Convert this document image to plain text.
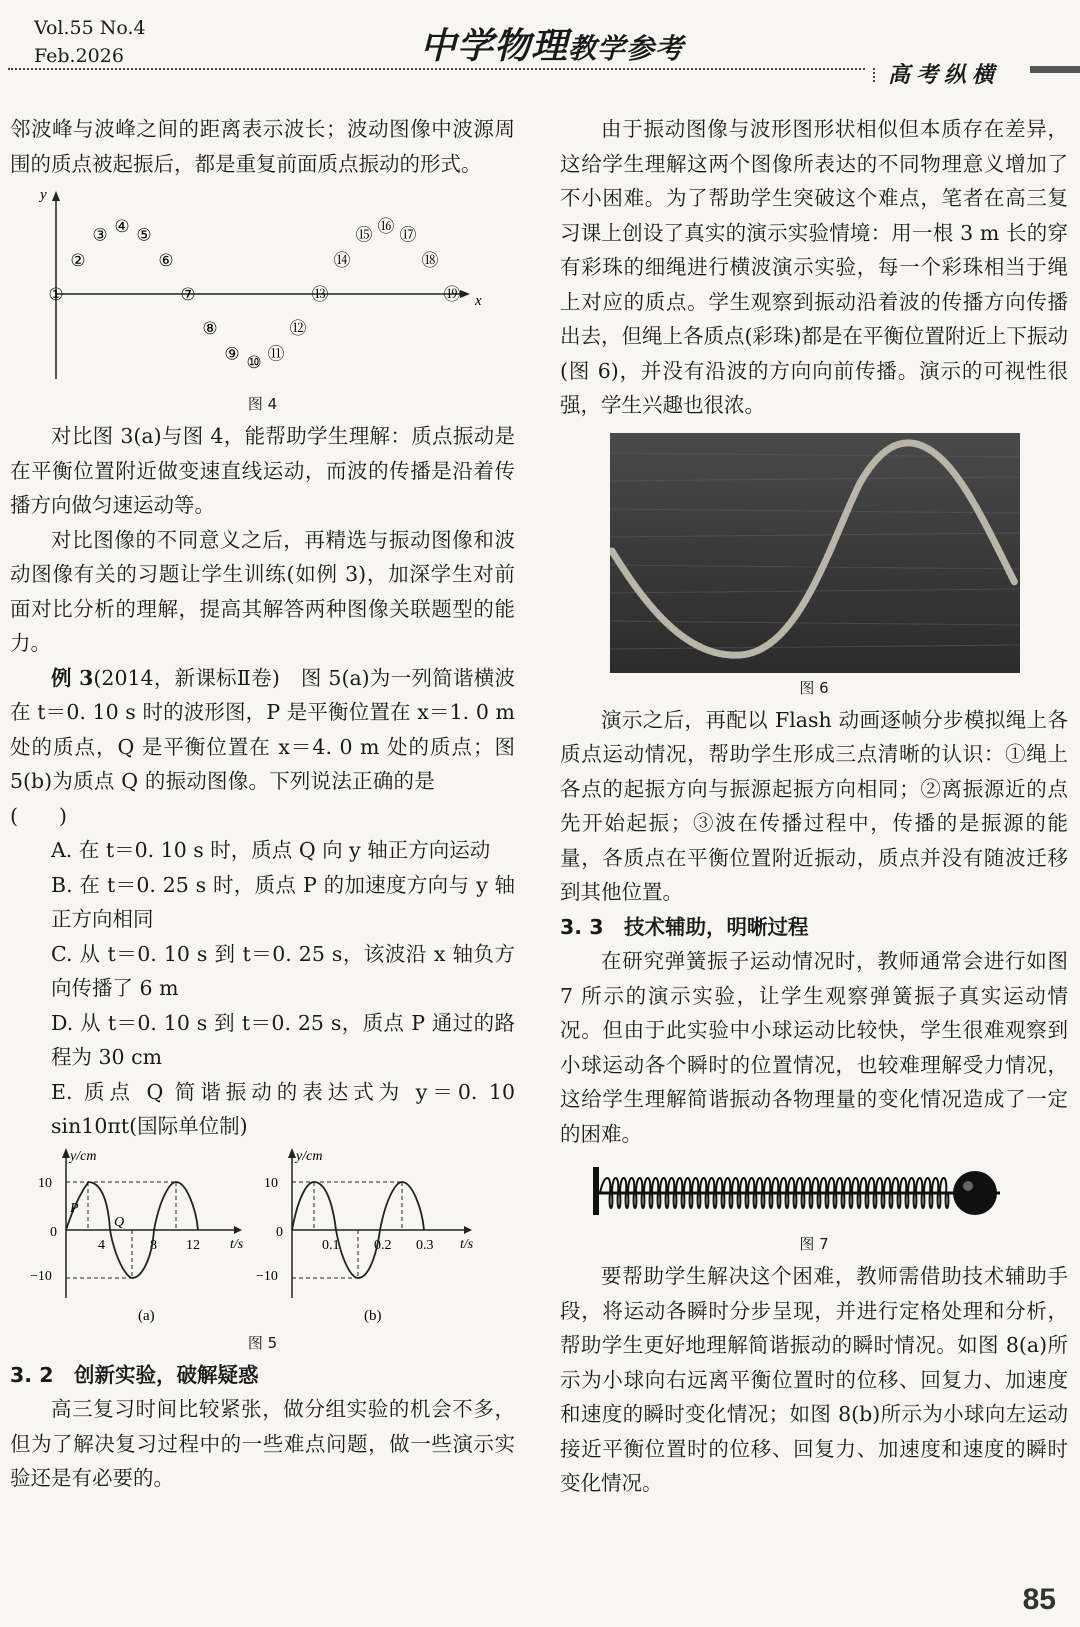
Vol.55 No.4
Feb.2026	中学物理教学参考
高考纵横

邻波峰与波峰之间的距离表示波长；波动图像中波源周围的质点被起振后，都是重复前面质点振动的形式。

y
x
①
②
③ ④ ⑤
⑥
⑦
⑧
⑨ ⑩ ⑪
⑫
⑬
⑭
⑮ ⑯ ⑰
⑱
⑲
图 4

对比图 3(a)与图 4，能帮助学生理解：质点振动是在平衡位置附近做变速直线运动，而波的传播是沿着传播方向做匀速运动等。

对比图像的不同意义之后，再精选与振动图像和波动图像有关的习题让学生训练(如例 3)，加深学生对前面对比分析的理解，提高其解答两种图像关联题型的能力。

例 3(2014，新课标Ⅱ卷)　图 5(a)为一列简谐横波在 t＝0. 10 s 时的波形图，P 是平衡位置在 x＝1. 0 m 处的质点，Q 是平衡位置在 x＝4. 0 m 处的质点；图 5(b)为质点 Q 的振动图像。下列说法正确的是(　　)

A. 在 t＝0. 10 s 时，质点 Q 向 y 轴正方向运动

B. 在 t＝0. 25 s 时，质点 P 的加速度方向与 y 轴正方向相同

C. 从 t＝0. 10 s 到 t＝0. 25 s，该波沿 x 轴负方向传播了 6 m

D. 从 t＝0. 10 s 到 t＝0. 25 s，质点 P 通过的路程为 30 cm

E. 质点 Q 简谐振动的表达式为 y＝0. 10 sin10πt(国际单位制)

y/cm
t/s
10
0
−10
4	8 12
P
Q
(a)
y/cm
t/s
10
0
−10
0.1 0.2 0.3
(b)
图 5

3. 2　创新实验，破解疑惑

高三复习时间比较紧张，做分组实验的机会不多，但为了解决复习过程中的一些难点问题，做一些演示实验还是有必要的。

由于振动图像与波形图形状相似但本质存在差异，这给学生理解这两个图像所表达的不同物理意义增加了不小困难。为了帮助学生突破这个难点，笔者在高三复习课上创设了真实的演示实验情境：用一根 3 m 长的穿有彩珠的细绳进行横波演示实验，每一个彩珠相当于绳上对应的质点。学生观察到振动沿着波的传播方向传播出去，但绳上各质点(彩珠)都是在平衡位置附近上下振动(图 6)，并没有沿波的方向向前传播。演示的可视性很强，学生兴趣也很浓。

图 6

演示之后，再配以 Flash 动画逐帧分步模拟绳上各质点运动情况，帮助学生形成三点清晰的认识：①绳上各点的起振方向与振源起振方向相同；②离振源近的点先开始起振；③波在传播过程中，传播的是振源的能量，各质点在平衡位置附近振动，质点并没有随波迁移到其他位置。

3. 3　技术辅助，明晰过程

在研究弹簧振子运动情况时，教师通常会进行如图 7 所示的演示实验，让学生观察弹簧振子真实运动情况。但由于此实验中小球运动比较快，学生很难观察到小球运动各个瞬时的位置情况，也较难理解受力情况，这给学生理解简谐振动各物理量的变化情况造成了一定的困难。

图 7

要帮助学生解决这个困难，教师需借助技术辅助手段，将运动各瞬时分步呈现，并进行定格处理和分析，帮助学生更好地理解简谐振动的瞬时情况。如图 8(a)所示为小球向右远离平衡位置时的位移、回复力、加速度和速度的瞬时变化情况；如图 8(b)所示为小球向左运动接近平衡位置时的位移、回复力、加速度和速度的瞬时变化情况。

85
